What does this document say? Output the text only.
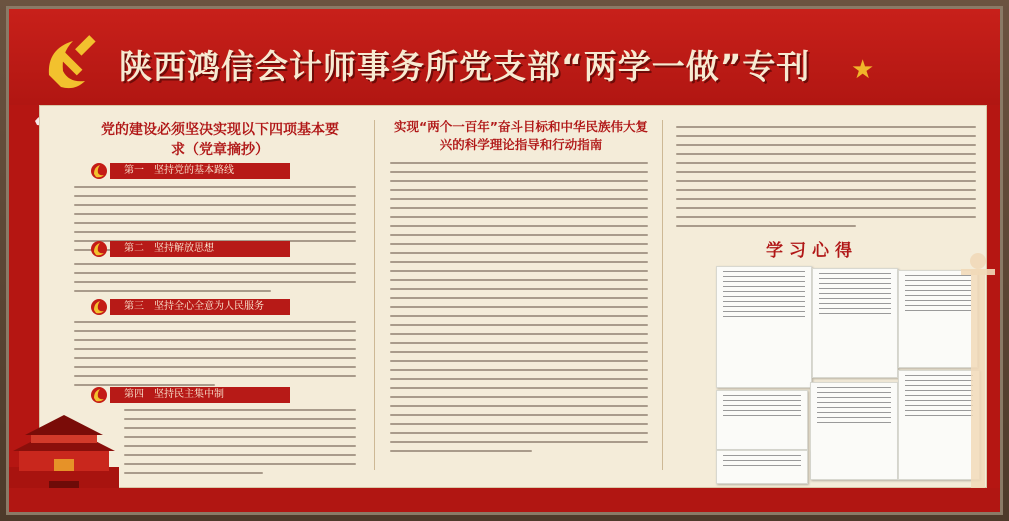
陕西鸿信会计师事务所党支部“两学一做”专刊 ★
党的建设必须坚决实现以下四项基本要求（党章摘抄）
第一　坚持党的基本路线
第二　坚持解放思想
第三　坚持全心全意为人民服务
第四　坚持民主集中制
实现“两个一百年”奋斗目标和中华民族伟大复兴的科学理论指导和行动指南
学习心得
